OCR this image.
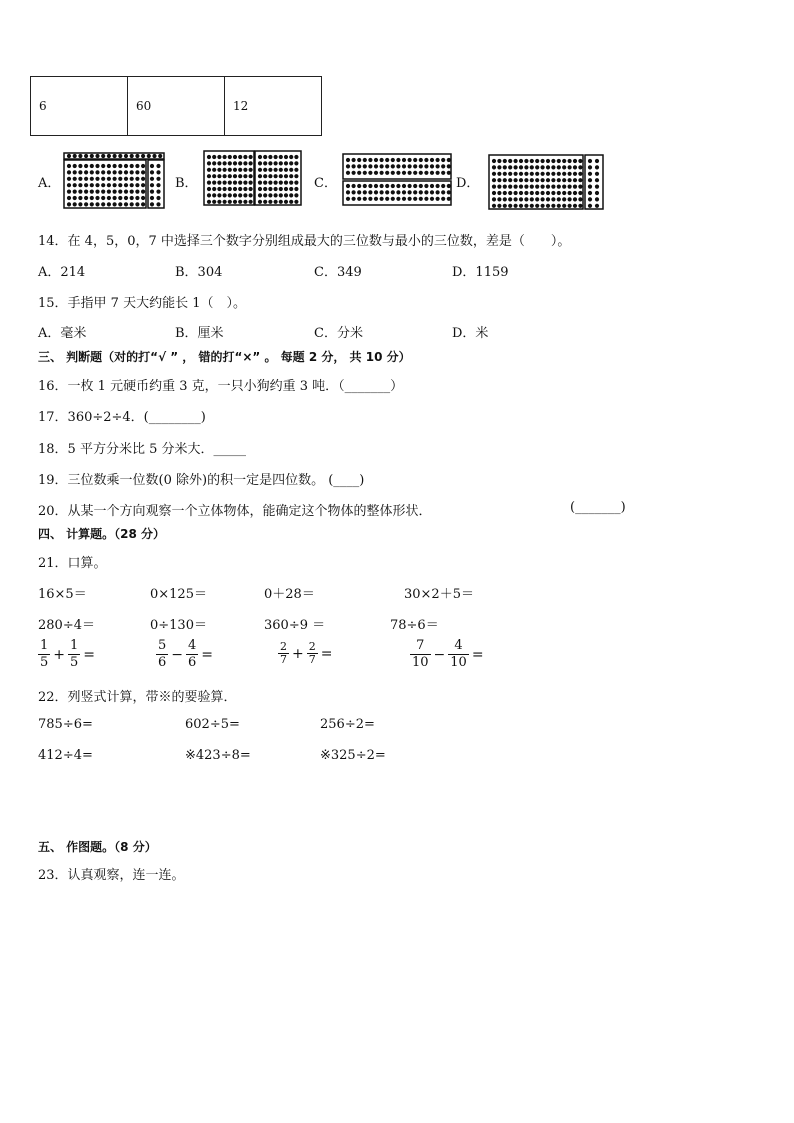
6	60	12
A．	B．	C．	D．
14．在 4，5，0，7 中选择三个数字分别组成最大的三位数与最小的三位数，差是（　　）。
A．214	B．304	C．349	D．1159
15．手指甲 7 天大约能长 1（　）。
A．毫米	B．厘米	C．分米	D．米
三、 判断题（对的打“√ ” ， 错的打“×” 。 每题 2 分， 共 10 分）
16．一枚 1 元硬币约重 3 克，一只小狗约重 3 吨．（_______）
17．360÷2÷4．(________)
18．5 平方分米比 5 分米大．_____
19．三位数乘一位数(0 除外)的积一定是四位数。 (____)
20．从某一个方向观察一个立体物体，能确定这个物体的整体形状．	(_______)
四、 计算题。（28 分）
21．口算。
16×5＝	0×125＝	0＋28＝	30×2＋5＝
280÷4＝	0÷130＝	360÷9 ＝	78÷6＝
$\frac{1}{5} + \frac{1}{5}$ =	$\frac{5}{6} - \frac{4}{6}$ =	$\frac{2}{7} + \frac{2}{7}$ =	$\frac{7}{10} - \frac{4}{10}$ =
22．列竖式计算，带※的要验算．
785÷6=	602÷5=	256÷2=
412÷4=	※423÷8=	※325÷2=
五、 作图题。（8 分）
23．认真观察，连一连。
